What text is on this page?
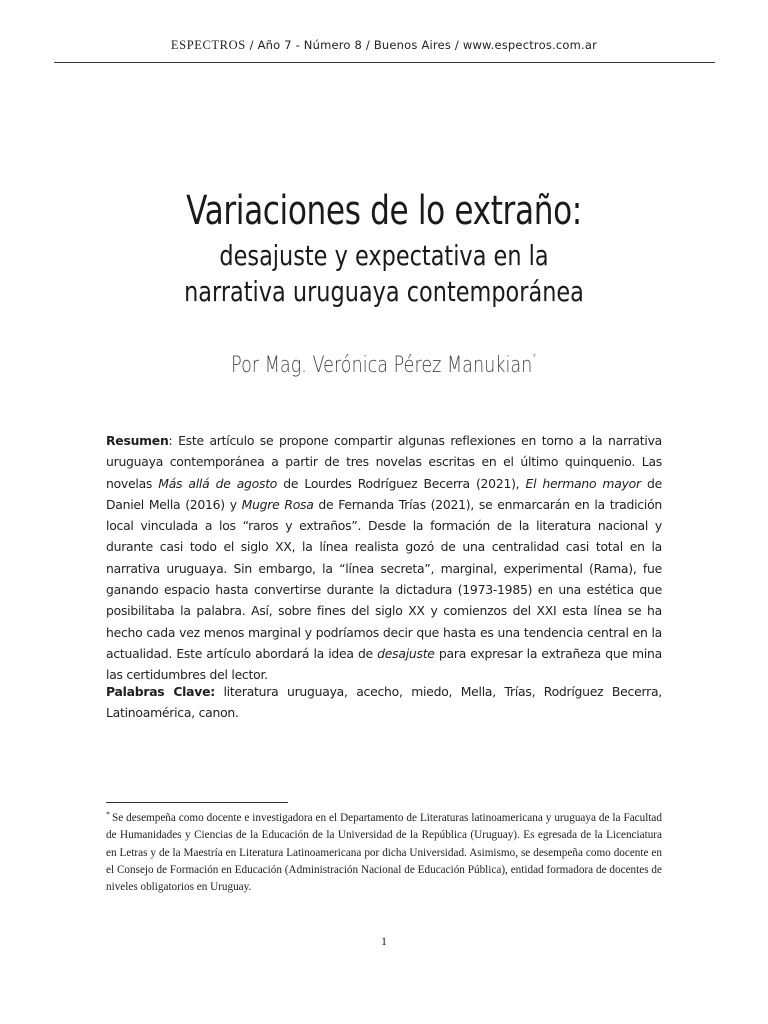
ESPECTROS / Año 7 - Número 8 / Buenos Aires / www.espectros.com.ar
Variaciones de lo extraño:
desajuste y expectativa en la
narrativa uruguaya contemporánea
Por Mag. Verónica Pérez Manukian*
Resumen: Este artículo se propone compartir algunas reflexiones en torno a la narrativa uruguaya contemporánea a partir de tres novelas escritas en el último quinquenio. Las novelas Más allá de agosto de Lourdes Rodríguez Becerra (2021), El hermano mayor de Daniel Mella (2016) y Mugre Rosa de Fernanda Trías (2021), se enmarcarán en la tradición local vinculada a los “raros y extraños”. Desde la formación de la literatura nacional y durante casi todo el siglo XX, la línea realista gozó de una centralidad casi total en la narrativa uruguaya. Sin embargo, la “línea secreta”, marginal, experimental (Rama), fue ganando espacio hasta convertirse durante la dictadura (1973-1985) en una estética que posibilitaba la palabra. Así, sobre fines del siglo XX y comienzos del XXI esta línea se ha hecho cada vez menos marginal y podríamos decir que hasta es una tendencia central en la actualidad. Este artículo abordará la idea de desajuste para expresar la extrañeza que mina las certidumbres del lector.
Palabras Clave: literatura uruguaya, acecho, miedo, Mella, Trías, Rodríguez Becerra, Latinoamérica, canon.
* Se desempeña como docente e investigadora en el Departamento de Literaturas latinoamericana y uruguaya de la Facultad de Humanidades y Ciencias de la Educación de la Universidad de la República (Uruguay). Es egresada de la Licenciatura en Letras y de la Maestría en Literatura Latinoamericana por dicha Universidad. Asimismo, se desempeña como docente en el Consejo de Formación en Educación (Administración Nacional de Educación Pública), entidad formadora de docentes de niveles obligatorios en Uruguay.
1
